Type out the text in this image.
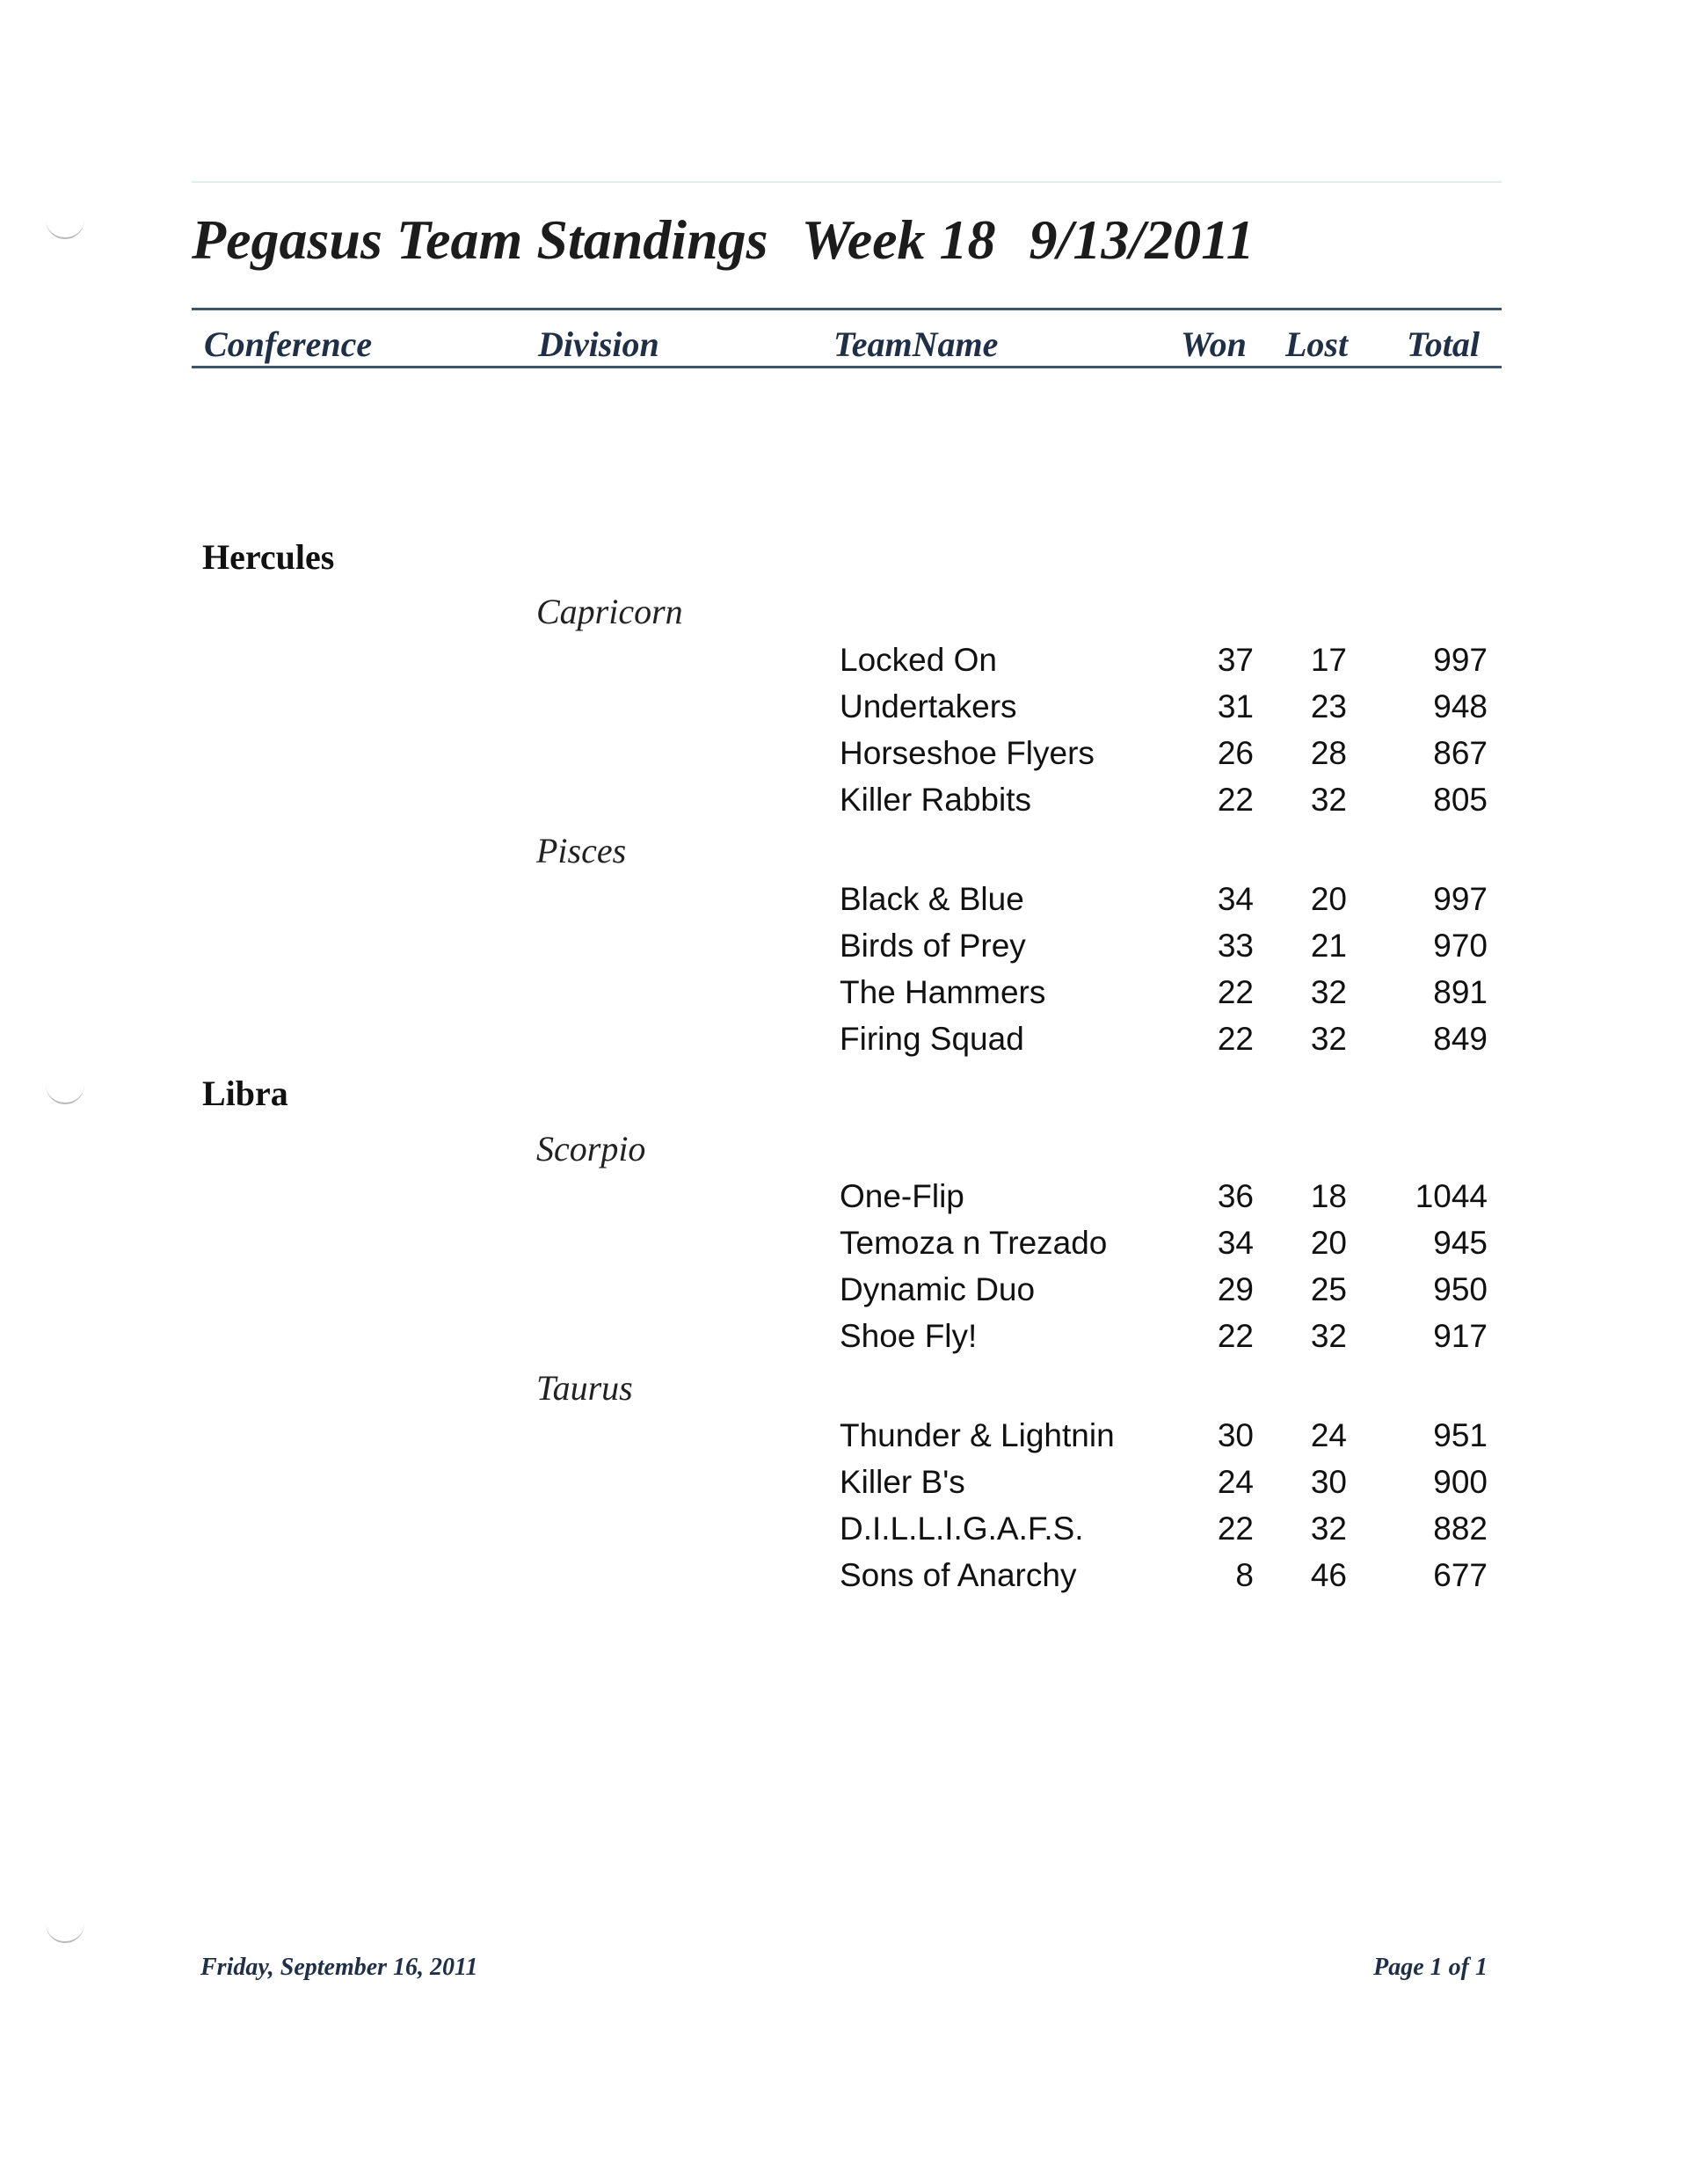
Pegasus Team Standings Week 18 9/13/2011
Conference	Division	TeamName	Won Lost Total
Hercules
Capricorn
Locked On	37 17	997
Undertakers	31 23	948
Horseshoe Flyers	26 28	867
Killer Rabbits	22 32	805
Pisces
Black & Blue	34 20	997
Birds of Prey	33 21	970
The Hammers	22 32	891
Firing Squad	22 32	849
Libra
Scorpio
One-Flip	36 18 1044
Temoza n Trezado	34 20	945
Dynamic Duo	29 25	950
Shoe Fly!	22 32	917
Taurus
Thunder & Lightnin	30 24	951
Killer B's	24 30	900
D.I.L.L.I.G.A.F.S.	22 32	882
Sons of Anarchy	8 46	677
Friday, September 16, 2011	Page 1 of 1
